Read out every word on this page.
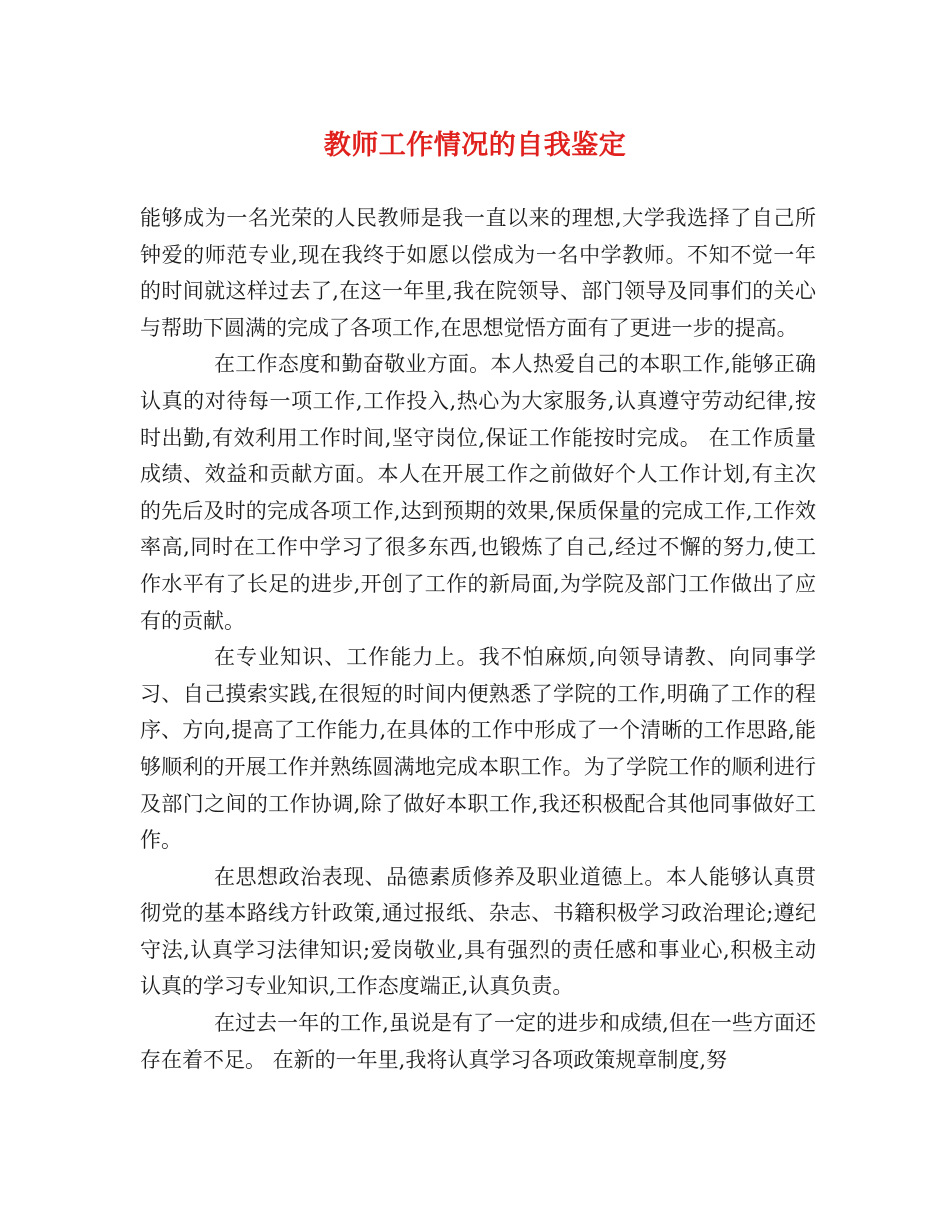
教师工作情况的自我鉴定

能够成为一名光荣的人民教师是我一直以来的理想,大学我选择了自己所钟爱的师范专业,现在我终于如愿以偿成为一名中学教师。不知不觉一年的时间就这样过去了,在这一年里,我在院领导、部门领导及同事们的关心与帮助下圆满的完成了各项工作,在思想觉悟方面有了更进一步的提高。

在工作态度和勤奋敬业方面。本人热爱自己的本职工作,能够正确认真的对待每一项工作,工作投入,热心为大家服务,认真遵守劳动纪律,按时出勤,有效利用工作时间,坚守岗位,保证工作能按时完成。 在工作质量成绩、效益和贡献方面。本人在开展工作之前做好个人工作计划,有主次的先后及时的完成各项工作,达到预期的效果,保质保量的完成工作,工作效率高,同时在工作中学习了很多东西,也锻炼了自己,经过不懈的努力,使工作水平有了长足的进步,开创了工作的新局面,为学院及部门工作做出了应有的贡献。

在专业知识、工作能力上。我不怕麻烦,向领导请教、向同事学习、自己摸索实践,在很短的时间内便熟悉了学院的工作,明确了工作的程序、方向,提高了工作能力,在具体的工作中形成了一个清晰的工作思路,能够顺利的开展工作并熟练圆满地完成本职工作。为了学院工作的顺利进行及部门之间的工作协调,除了做好本职工作,我还积极配合其他同事做好工作。

在思想政治表现、品德素质修养及职业道德上。本人能够认真贯彻党的基本路线方针政策,通过报纸、杂志、书籍积极学习政治理论;遵纪守法,认真学习法律知识;爱岗敬业,具有强烈的责任感和事业心,积极主动认真的学习专业知识,工作态度端正,认真负责。

在过去一年的工作,虽说是有了一定的进步和成绩,但在一些方面还存在着不足。 在新的一年里,我将认真学习各项政策规章制度,努
